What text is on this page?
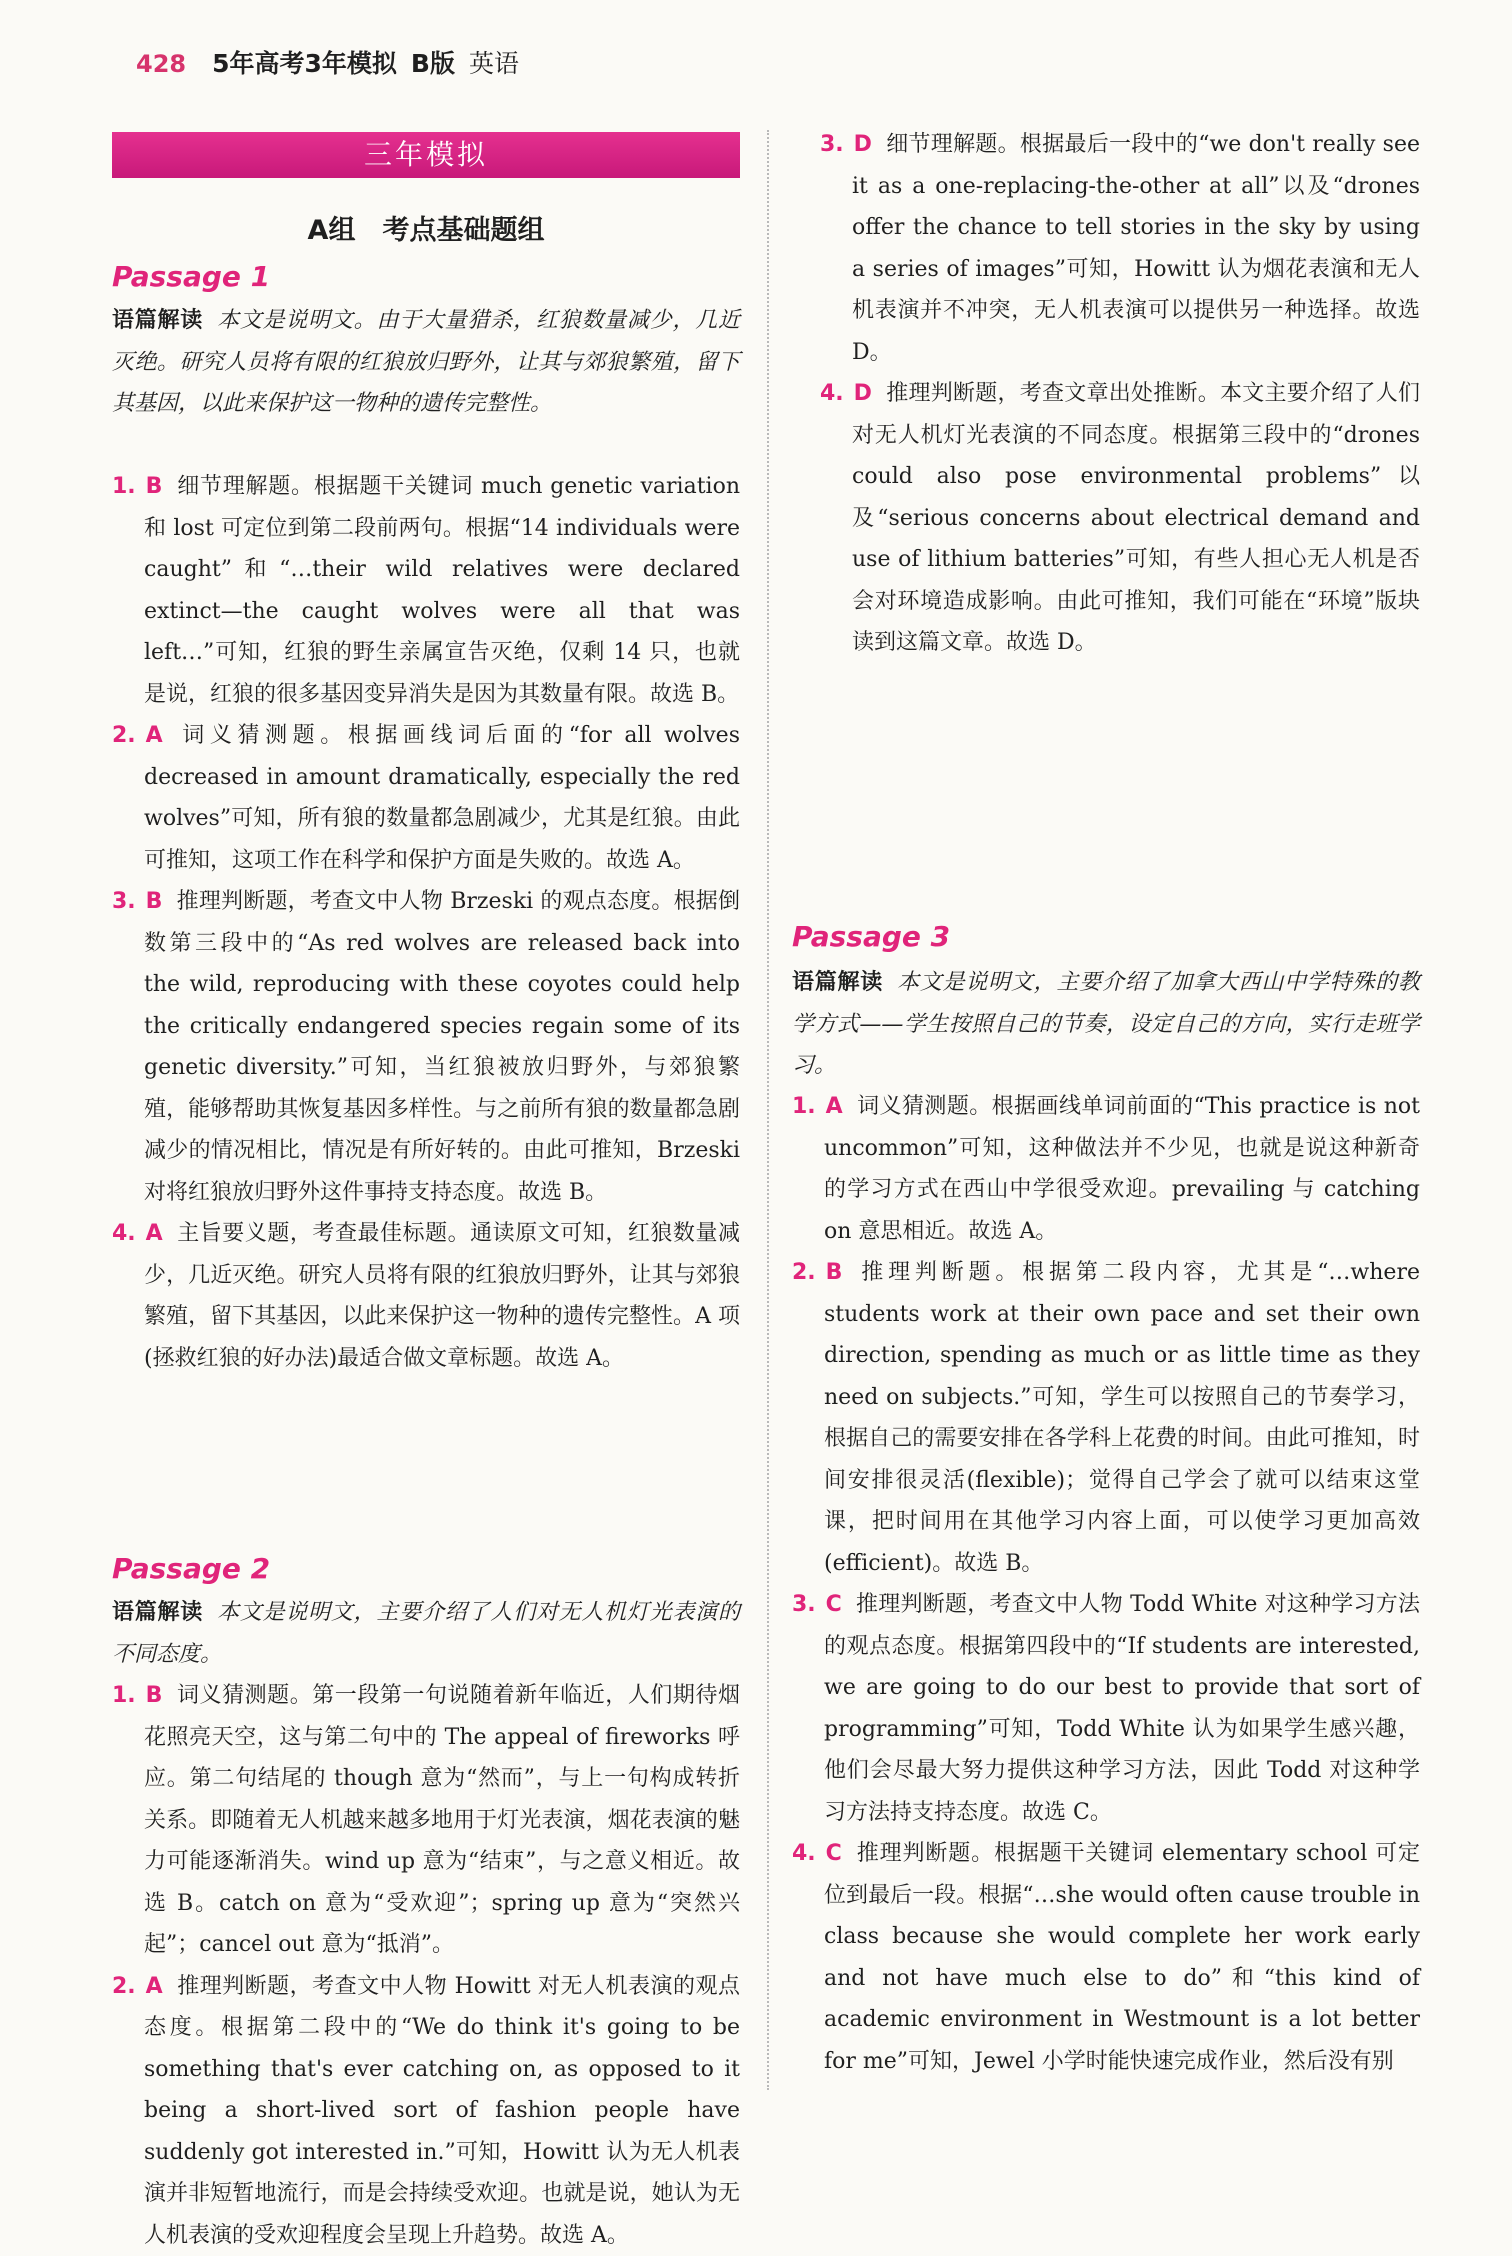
428 5年高考3年模拟 B版 英语
三年模拟
A组　考点基础题组
Passage 1
语篇解读 本文是说明文。由于大量猎杀，红狼数量减少，几近灭绝。研究人员将有限的红狼放归野外，让其与郊狼繁殖，留下其基因，以此来保护这一物种的遗传完整性。
1. B 细节理解题。根据题干关键词 much genetic variation 和 lost 可定位到第二段前两句。根据“14 individuals were caught”和“…their wild relatives were declared extinct—the caught wolves were all that was left…”可知，红狼的野生亲属宣告灭绝，仅剩 14 只，也就是说，红狼的很多基因变异消失是因为其数量有限。故选 B。
2. A 词义猜测题。根据画线词后面的“for all wolves decreased in amount dramatically, especially the red wolves”可知，所有狼的数量都急剧减少，尤其是红狼。由此可推知，这项工作在科学和保护方面是失败的。故选 A。
3. B 推理判断题，考查文中人物 Brzeski 的观点态度。根据倒数第三段中的“As red wolves are released back into the wild, reproducing with these coyotes could help the critically endangered species regain some of its genetic diversity.”可知，当红狼被放归野外，与郊狼繁殖，能够帮助其恢复基因多样性。与之前所有狼的数量都急剧减少的情况相比，情况是有所好转的。由此可推知，Brzeski 对将红狼放归野外这件事持支持态度。故选 B。
4. A 主旨要义题，考查最佳标题。通读原文可知，红狼数量减少，几近灭绝。研究人员将有限的红狼放归野外，让其与郊狼繁殖，留下其基因，以此来保护这一物种的遗传完整性。A 项(拯救红狼的好办法)最适合做文章标题。故选 A。
Passage 2
语篇解读 本文是说明文，主要介绍了人们对无人机灯光表演的不同态度。
1. B 词义猜测题。第一段第一句说随着新年临近，人们期待烟花照亮天空，这与第二句中的 The appeal of fireworks 呼应。第二句结尾的 though 意为“然而”，与上一句构成转折关系。即随着无人机越来越多地用于灯光表演，烟花表演的魅力可能逐渐消失。wind up 意为“结束”，与之意义相近。故选 B。catch on 意为“受欢迎”；spring up 意为“突然兴起”；cancel out 意为“抵消”。
2. A 推理判断题，考查文中人物 Howitt 对无人机表演的观点态度。根据第二段中的“We do think it's going to be something that's ever catching on, as opposed to it being a short-lived sort of fashion people have suddenly got interested in.”可知，Howitt 认为无人机表演并非短暂地流行，而是会持续受欢迎。也就是说，她认为无人机表演的受欢迎程度会呈现上升趋势。故选 A。
3. D 细节理解题。根据最后一段中的“we don't really see it as a one-replacing-the-other at all”以及“drones offer the chance to tell stories in the sky by using a series of images”可知，Howitt 认为烟花表演和无人机表演并不冲突，无人机表演可以提供另一种选择。故选 D。
4. D 推理判断题，考查文章出处推断。本文主要介绍了人们对无人机灯光表演的不同态度。根据第三段中的“drones could also pose environmental problems”以及“serious concerns about electrical demand and use of lithium batteries”可知，有些人担心无人机是否会对环境造成影响。由此可推知，我们可能在“环境”版块读到这篇文章。故选 D。
Passage 3
语篇解读 本文是说明文，主要介绍了加拿大西山中学特殊的教学方式——学生按照自己的节奏，设定自己的方向，实行走班学习。
1. A 词义猜测题。根据画线单词前面的“This practice is not uncommon”可知，这种做法并不少见，也就是说这种新奇的学习方式在西山中学很受欢迎。prevailing 与 catching on 意思相近。故选 A。
2. B 推理判断题。根据第二段内容，尤其是“…where students work at their own pace and set their own direction, spending as much or as little time as they need on subjects.”可知，学生可以按照自己的节奏学习，根据自己的需要安排在各学科上花费的时间。由此可推知，时间安排很灵活(flexible)；觉得自己学会了就可以结束这堂课，把时间用在其他学习内容上面，可以使学习更加高效(efficient)。故选 B。
3. C 推理判断题，考查文中人物 Todd White 对这种学习方法的观点态度。根据第四段中的“If students are interested, we are going to do our best to provide that sort of programming”可知，Todd White 认为如果学生感兴趣，他们会尽最大努力提供这种学习方法，因此 Todd 对这种学习方法持支持态度。故选 C。
4. C 推理判断题。根据题干关键词 elementary school 可定位到最后一段。根据“…she would often cause trouble in class because she would complete her work early and not have much else to do”和“this kind of academic environment in Westmount is a lot better for me”可知，Jewel 小学时能快速完成作业，然后没有别
